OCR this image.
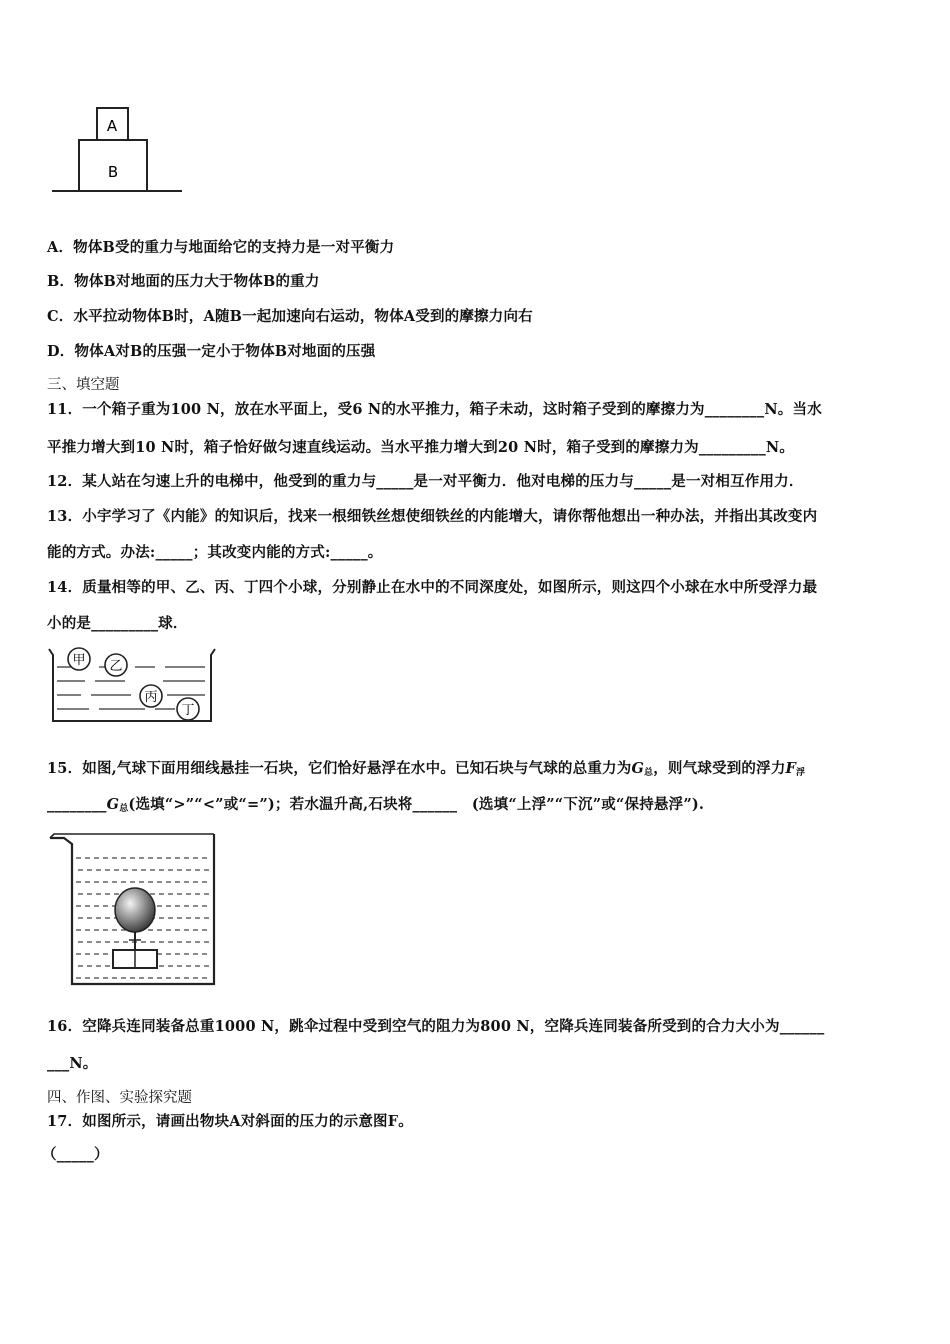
A
B
A．物体B受的重力与地面给它的支持力是一对平衡力
B．物体B对地面的压力大于物体B的重力
C．水平拉动物体B时，A随B一起加速向右运动，物体A受到的摩擦力向右
D．物体A对B的压强一定小于物体B对地面的压强
三、填空题
11．一个箱子重为100 N，放在水平面上，受6 N的水平推力，箱子未动，这时箱子受到的摩擦力为________N。当水
平推力增大到10 N时，箱子恰好做匀速直线运动。当水平推力增大到20 N时，箱子受到的摩擦力为_________N。
12．某人站在匀速上升的电梯中，他受到的重力与_____是一对平衡力．他对电梯的压力与_____是一对相互作用力．
13．小宇学习了《内能》的知识后，找来一根细铁丝想使细铁丝的内能增大，请你帮他想出一种办法，并指出其改变内
能的方式。办法:_____；其改变内能的方式:_____。
14．质量相等的甲、乙、丙、丁四个小球，分别静止在水中的不同深度处，如图所示，则这四个小球在水中所受浮力最
小的是_________球．
甲 乙
丙
丁
15．如图,气球下面用细线悬挂一石块，它们恰好悬浮在水中。已知石块与气球的总重力为$G_总$，则气球受到的浮力$F_浮$
$\_\_\_\_\_\_\_\_G_总$(选填“>”“<”或“=”)；若水温升高,石块将______　(选填“上浮”“下沉”或“保持悬浮”).
16．空降兵连同装备总重1000 N，跳伞过程中受到空气的阻力为800 N，空降兵连同装备所受到的合力大小为______
___N。
四、作图、实验探究题
17．如图所示，请画出物块A对斜面的压力的示意图F。
（_____）
